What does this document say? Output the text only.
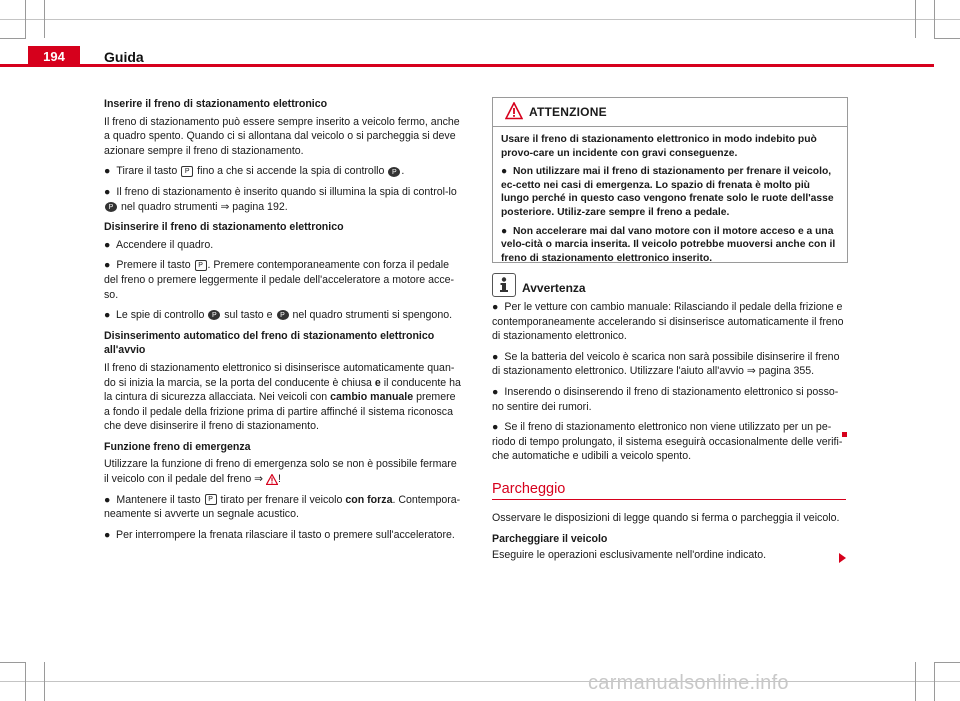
194	Guida

Inserire il freno di stazionamento elettronico

Il freno di stazionamento può essere sempre inserito a veicolo fermo, anche a quadro spento. Quando ci si allontana dal veicolo o si parcheggia si deve azionare sempre il freno di stazionamento.

● Tirare il tasto P fino a che si accende la spia di controllo P .

● Il freno di stazionamento è inserito quando si illumina la spia di control-lo P nel quadro strumenti ⇒ pagina 192.

Disinserire il freno di stazionamento elettronico

● Accendere il quadro.

● Premere il tasto P . Premere contemporaneamente con forza il pedale del freno o premere leggermente il pedale dell'acceleratore a motore acce-so.

● Le spie di controllo P sul tasto e P nel quadro strumenti si spengono.

Disinserimento automatico del freno di stazionamento elettronico all'avvio

Il freno di stazionamento elettronico si disinserisce automaticamente quan-do si inizia la marcia, se la porta del conducente è chiusa e il conducente ha la cintura di sicurezza allacciata. Nei veicoli con cambio manuale premere a fondo il pedale della frizione prima di partire affinché il sistema riconosca che deve disinserire il freno di stazionamento.

Funzione freno di emergenza

Utilizzare la funzione di freno di emergenza solo se non è possibile fermare il veicolo con il pedale del freno ⇒ !

● Mantenere il tasto P tirato per frenare il veicolo con forza. Contempora-neamente si avverte un segnale acustico.

● Per interrompere la frenata rilasciare il tasto o premere sull'acceleratore.

ATTENZIONE

Usare il freno di stazionamento elettronico in modo indebito può provo-care un incidente con gravi conseguenze.

● Non utilizzare mai il freno di stazionamento per frenare il veicolo, ec-cetto nei casi di emergenza. Lo spazio di frenata è molto più lungo perché in questo caso vengono frenate solo le ruote dell'asse posteriore. Utiliz-zare sempre il freno a pedale.

● Non accelerare mai dal vano motore con il motore acceso e a una velo-cità o marcia inserita. Il veicolo potrebbe muoversi anche con il freno di stazionamento elettronico inserito.

Avvertenza

● Per le vetture con cambio manuale: Rilasciando il pedale della frizione e contemporaneamente accelerando si disinserisce automaticamente il freno di stazionamento elettronico.

● Se la batteria del veicolo è scarica non sarà possibile disinserire il freno di stazionamento elettronico. Utilizzare l'aiuto all'avvio ⇒ pagina 355.

● Inserendo o disinserendo il freno di stazionamento elettronico si posso-no sentire dei rumori.

● Se il freno di stazionamento elettronico non viene utilizzato per un pe-riodo di tempo prolungato, il sistema eseguirà occasionalmente delle verifi-che automatiche e udibili a veicolo spento.

Parcheggio

Osservare le disposizioni di legge quando si ferma o parcheggia il veicolo.

Parcheggiare il veicolo

Eseguire le operazioni esclusivamente nell'ordine indicato.

carmanualsonline.info
